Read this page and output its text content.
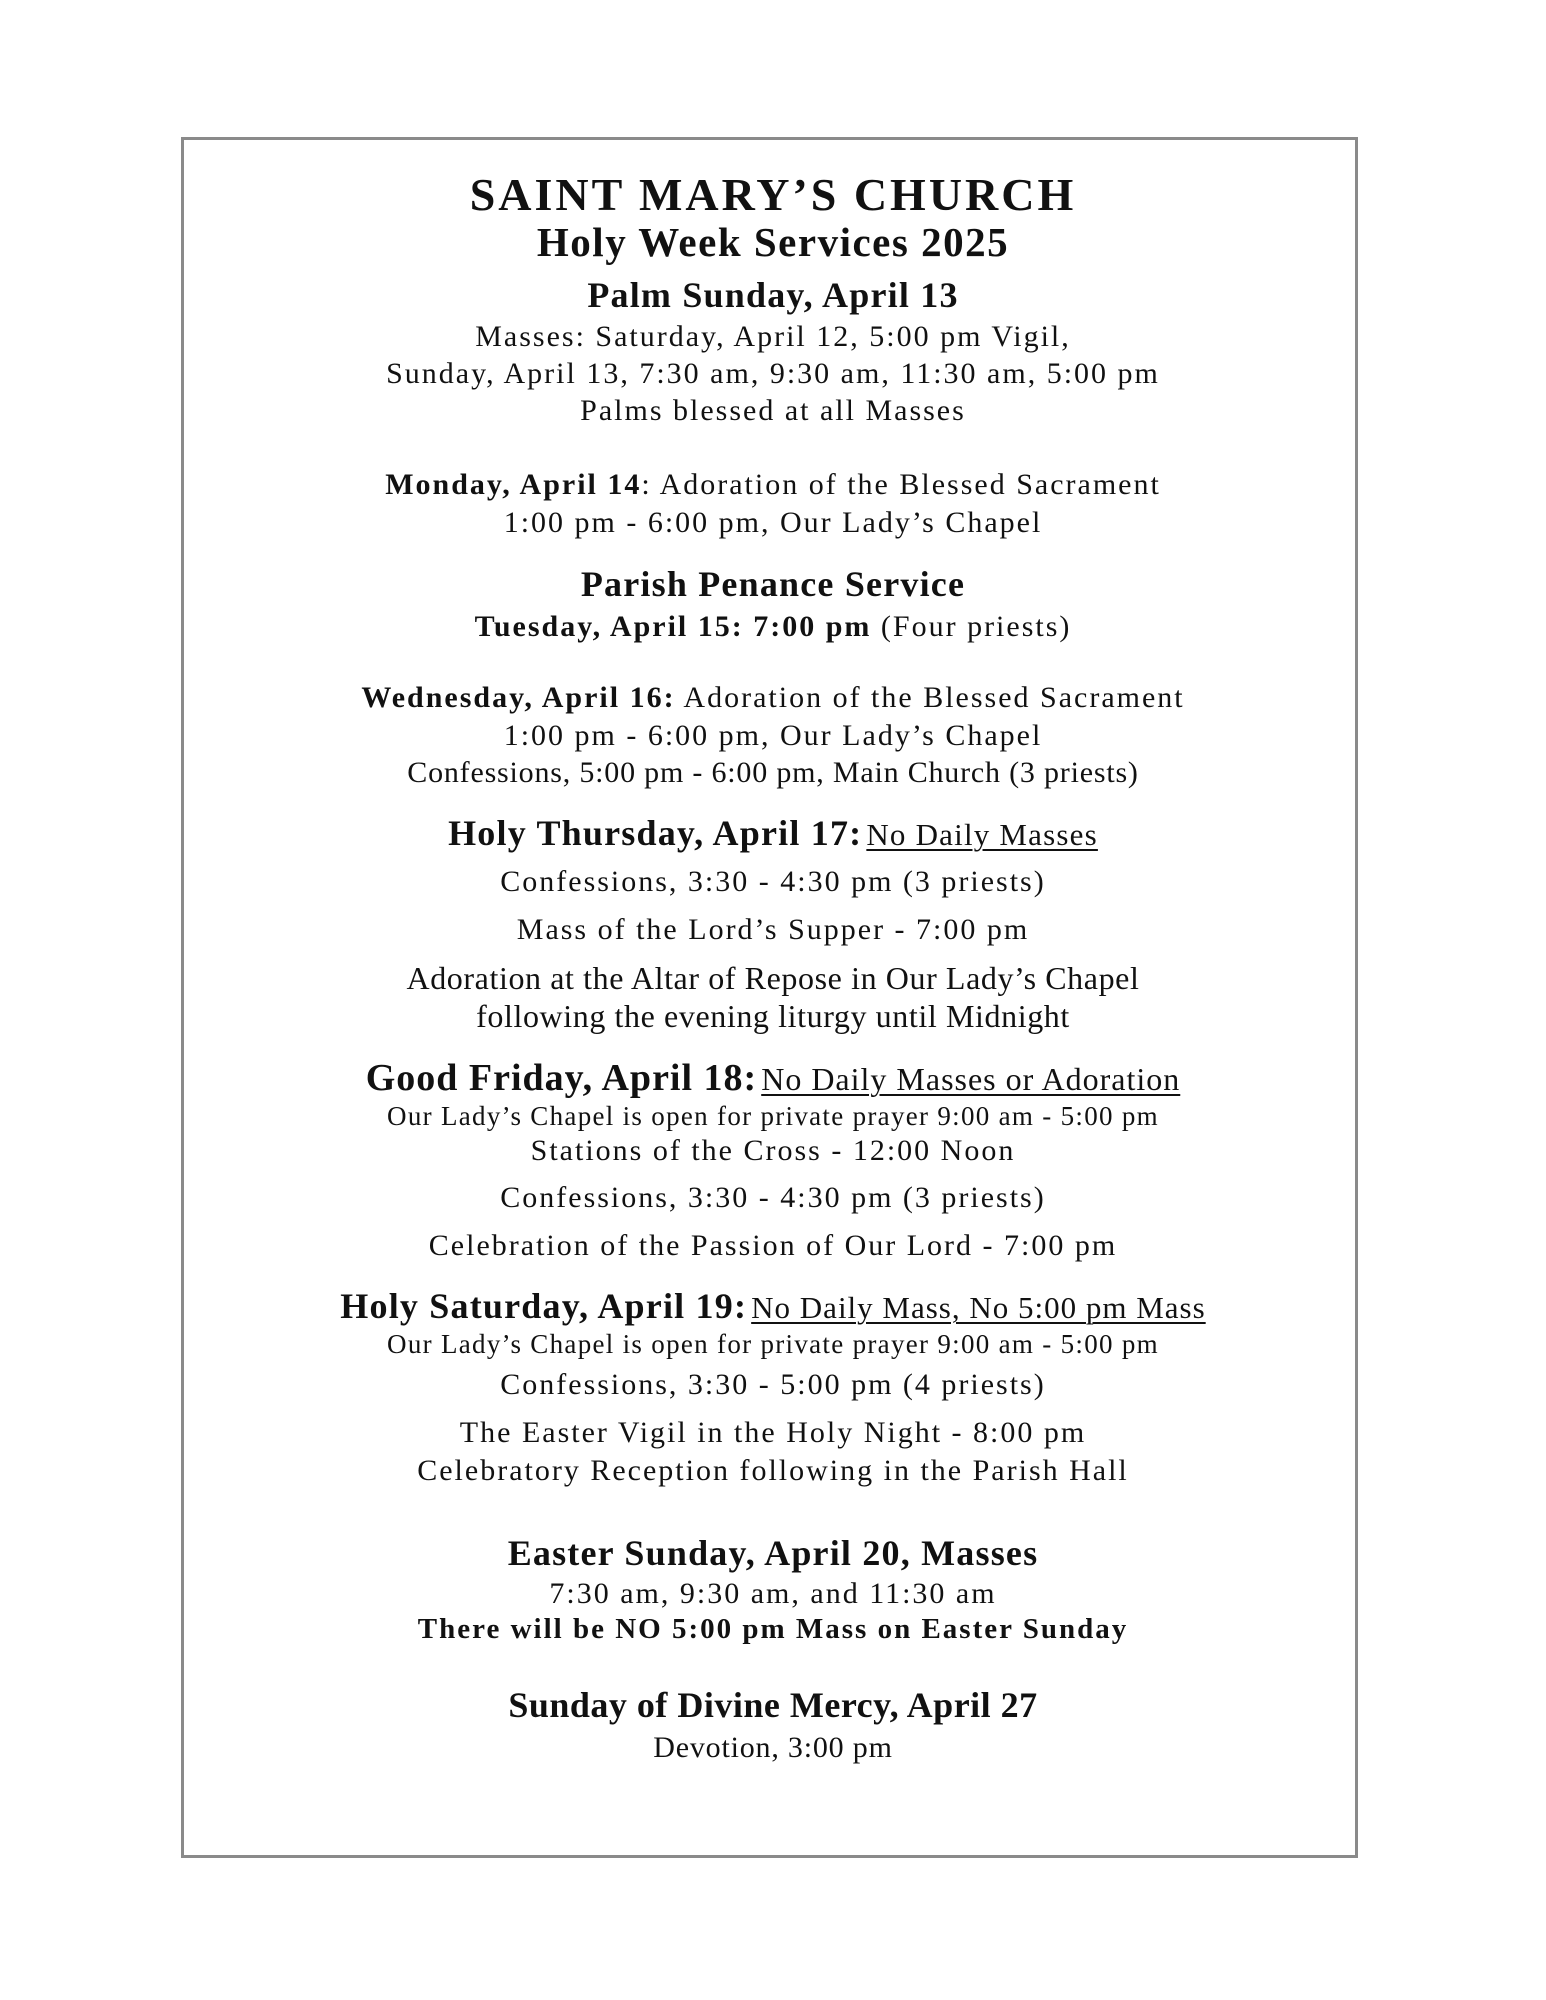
SAINT MARY’S CHURCH
Holy Week Services 2025
Palm Sunday, April 13
Masses: Saturday, April 12, 5:00 pm Vigil,
Sunday, April 13, 7:30 am, 9:30 am, 11:30 am, 5:00 pm
Palms blessed at all Masses
Monday, April 14: Adoration of the Blessed Sacrament
1:00 pm - 6:00 pm, Our Lady’s Chapel
Parish Penance Service
Tuesday, April 15: 7:00 pm (Four priests)
Wednesday, April 16: Adoration of the Blessed Sacrament
1:00 pm - 6:00 pm, Our Lady’s Chapel
Confessions, 5:00 pm - 6:00 pm, Main Church (3 priests)
Holy Thursday, April 17: No Daily Masses
Confessions, 3:30 - 4:30 pm (3 priests)
Mass of the Lord’s Supper - 7:00 pm
Adoration at the Altar of Repose in Our Lady’s Chapel
following the evening liturgy until Midnight
Good Friday, April 18: No Daily Masses or Adoration
Our Lady’s Chapel is open for private prayer 9:00 am - 5:00 pm
Stations of the Cross - 12:00 Noon
Confessions, 3:30 - 4:30 pm (3 priests)
Celebration of the Passion of Our Lord - 7:00 pm
Holy Saturday, April 19: No Daily Mass, No 5:00 pm Mass
Our Lady’s Chapel is open for private prayer 9:00 am - 5:00 pm
Confessions, 3:30 - 5:00 pm (4 priests)
The Easter Vigil in the Holy Night - 8:00 pm
Celebratory Reception following in the Parish Hall
Easter Sunday, April 20, Masses
7:30 am, 9:30 am, and 11:30 am
There will be NO 5:00 pm Mass on Easter Sunday
Sunday of Divine Mercy, April 27
Devotion, 3:00 pm
